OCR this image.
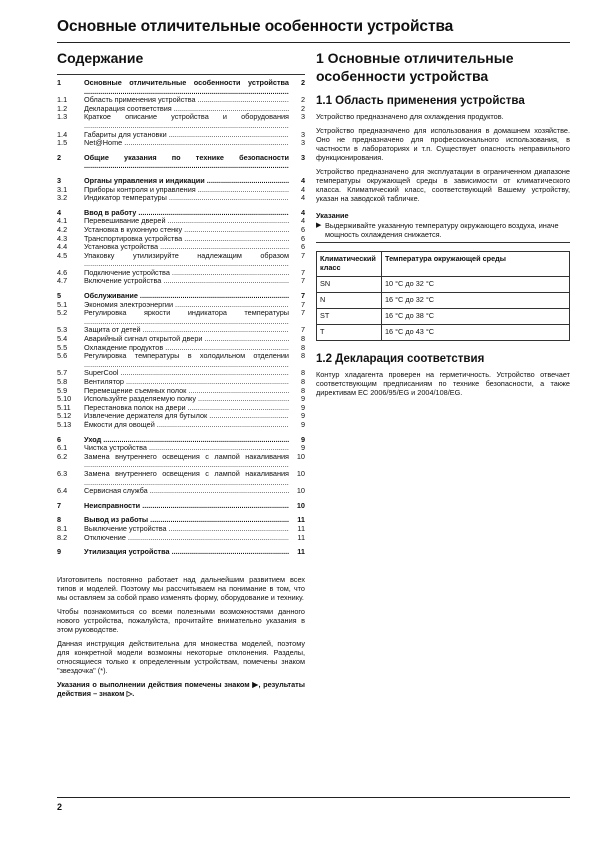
Основные отличительные особенности устройства
Содержание
1	Основные отличительные особенности устройства .....	2
1.1	Область применения устройства .....	2
1.2	Декларация соответствия .....	2
1.3	Краткое описание устройства и оборудования .....	3
1.4	Габариты для установки .....	3
1.5	Net@Home .....	3
2	Общие указания по технике безопасности .....	3
3	Органы управления и индикации .....	4
3.1	Приборы контроля и управления .....	4
3.2	Индикатор температуры .....	4
4	Ввод в работу .....	4
4.1	Перевешивание дверей .....	4
4.2	Установка в кухонную стенку .....	6
4.3	Транспортировка устройства .....	6
4.4	Установка устройства .....	6
4.5	Упаковку утилизируйте надлежащим образом .....	7
4.6	Подключение устройства .....	7
4.7	Включение устройства .....	7
5	Обслуживание .....	7
5.1	Экономия электроэнергии .....	7
5.2	Регулировка яркости индикатора температуры .....	7
5.3	Защита от детей .....	7
5.4	Аварийный сигнал открытой двери .....	8
5.5	Охлаждение продуктов .....	8
5.6	Регулировка температуры в холодильном отделении .....	8
5.7	SuperCool .....	8
5.8	Вентилятор .....	8
5.9	Перемещение съемных полок .....	8
5.10	Используйте разделяемую полку .....	9
5.11	Перестановка полок на двери .....	9
5.12	Извлечение держателя для бутылок .....	9
5.13	Ёмкости для овощей .....	9
6	Уход .....	9
6.1	Чистка устройства .....	9
6.2	Замена внутреннего освещения с лампой накаливания .....	10
6.3	Замена внутреннего освещения с лампой накаливания .....	10
6.4	Сервисная служба .....	10
7	Неисправности .....	10
8	Вывод из работы .....	11
8.1	Выключение устройства .....	11
8.2	Отключение .....	11
9	Утилизация устройства .....	11

Изготовитель постоянно работает над дальнейшим развитием всех типов и моделей. Поэтому мы рассчитываем на понимание в том, что мы оставляем за собой право изменять форму, оборудование и технику.

Чтобы познакомиться со всеми полезными возможностями данного нового устройства, пожалуйста, прочитайте внимательно указания в этом руководстве.

Данная инструкция действительна для множества моделей, поэтому для конкретной модели возможны некоторые отклонения. Разделы, относящиеся только к определенным устройствам, помечены знаком "звездочка" (*).

Указания о выполнении действия помечены знаком ▶, результаты действия – знаком ▷.

1 Основные отличительные особенности устройства
1.1 Область применения устройства

Устройство предназначено для охлаждения продуктов.

Устройство предназначено для использования в домашнем хозяйстве. Оно не предназначено для профессионального использования, в частности в лабораториях и т.п. Существует опасность неправильного функционирования.

Устройство предназначено для эксплуатации в ограниченном диапазоне температуры окружающей среды в зависимости от климатического класса. Климатический класс, соответствующий Вашему устройству, указан на заводской табличке.

Указание
▶ Выдерживайте указанную температуру окружающего воздуха, иначе мощность охлаждения снижается.
Климатический класс	Температура окружающей среды
SN	10 °C до 32 °C
N	16 °C до 32 °C
ST	16 °C до 38 °C
T	16 °C до 43 °C
1.2 Декларация соответствия

Контур хладагента проверен на герметичность. Устройство отвечает соответствующим предписаниям по технике безопасности, а также директивам ЕС 2006/95/EG и 2004/108/EG.

2
